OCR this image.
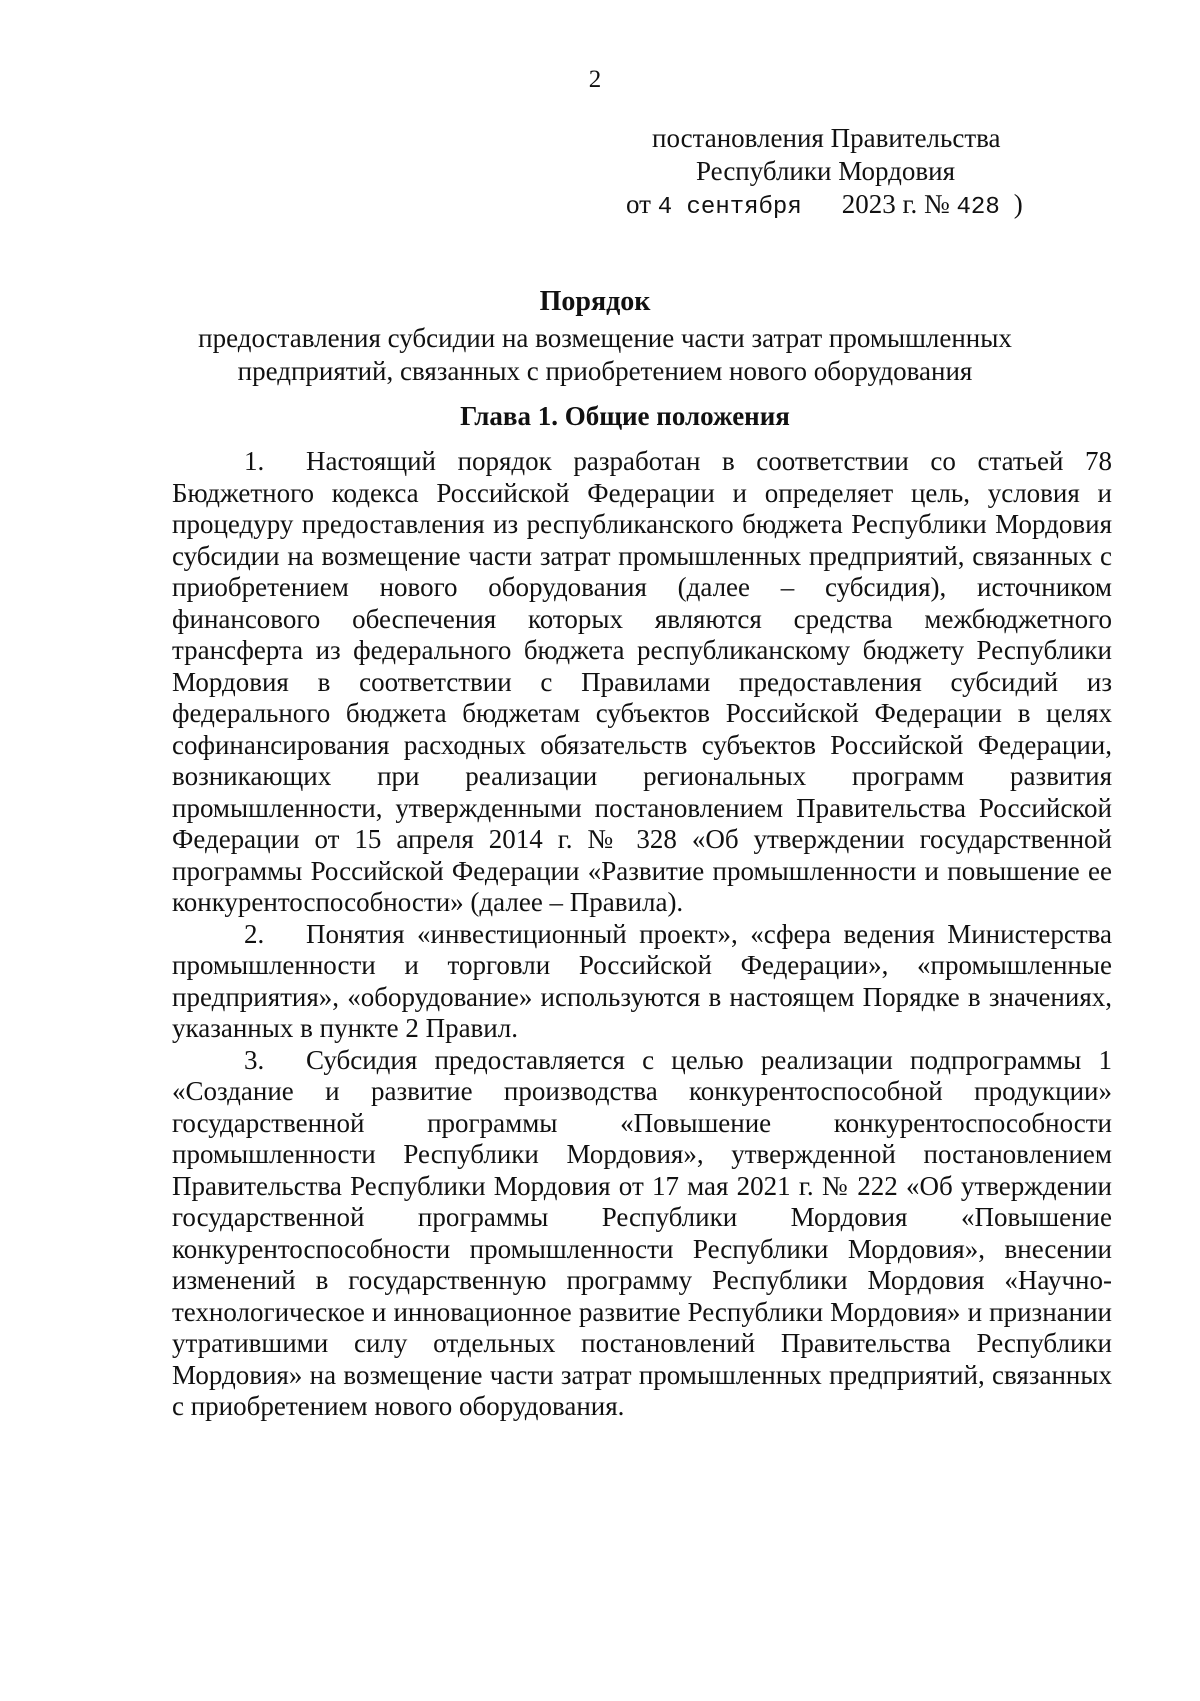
2
постановления Правительства
Республики Мордовия
от 4 сентября 2023 г. № 428 )
Порядок
предоставления субсидии на возмещение части затрат промышленных предприятий, связанных с приобретением нового оборудования
Глава 1. Общие положения

1. Настоящий порядок разработан в соответствии со статьей 78 Бюджетного кодекса Российской Федерации и определяет цель, условия и процедуру предоставления из республиканского бюджета Республики Мордовия субсидии на возмещение части затрат промышленных предприятий, связанных с приобретением нового оборудования (далее – субсидия), источником финансового обеспечения которых являются средства межбюджетного трансферта из федерального бюджета республиканскому бюджету Республики Мордовия в соответствии с Правилами предоставления субсидий из федерального бюджета бюджетам субъектов Российской Федерации в целях софинансирования расходных обязательств субъектов Российской Федерации, возникающих при реализации региональных программ развития промышленности, утвержденными постановлением Правительства Российской Федерации от 15 апреля 2014 г. № 328 «Об утверждении государственной программы Российской Федерации «Развитие промышленности и повышение ее конкурентоспособности» (далее – Правила).

2. Понятия «инвестиционный проект», «сфера ведения Министерства промышленности и торговли Российской Федерации», «промышленные предприятия», «оборудование» используются в настоящем Порядке в значениях, указанных в пункте 2 Правил.

3. Субсидия предоставляется с целью реализации подпрограммы 1 «Создание и развитие производства конкурентоспособной продукции» государственной программы «Повышение конкурентоспособности промышленности Республики Мордовия», утвержденной постановлением Правительства Республики Мордовия от 17 мая 2021 г. № 222 «Об утверждении государственной программы Республики Мордовия «Повышение конкурентоспособности промышленности Республики Мордовия», внесении изменений в государственную программу Республики Мордовия «Научно-технологическое и инновационное развитие Республики Мордовия» и признании утратившими силу отдельных постановлений Правительства Республики Мордовия» на возмещение части затрат промышленных предприятий, связанных с приобретением нового оборудования.
